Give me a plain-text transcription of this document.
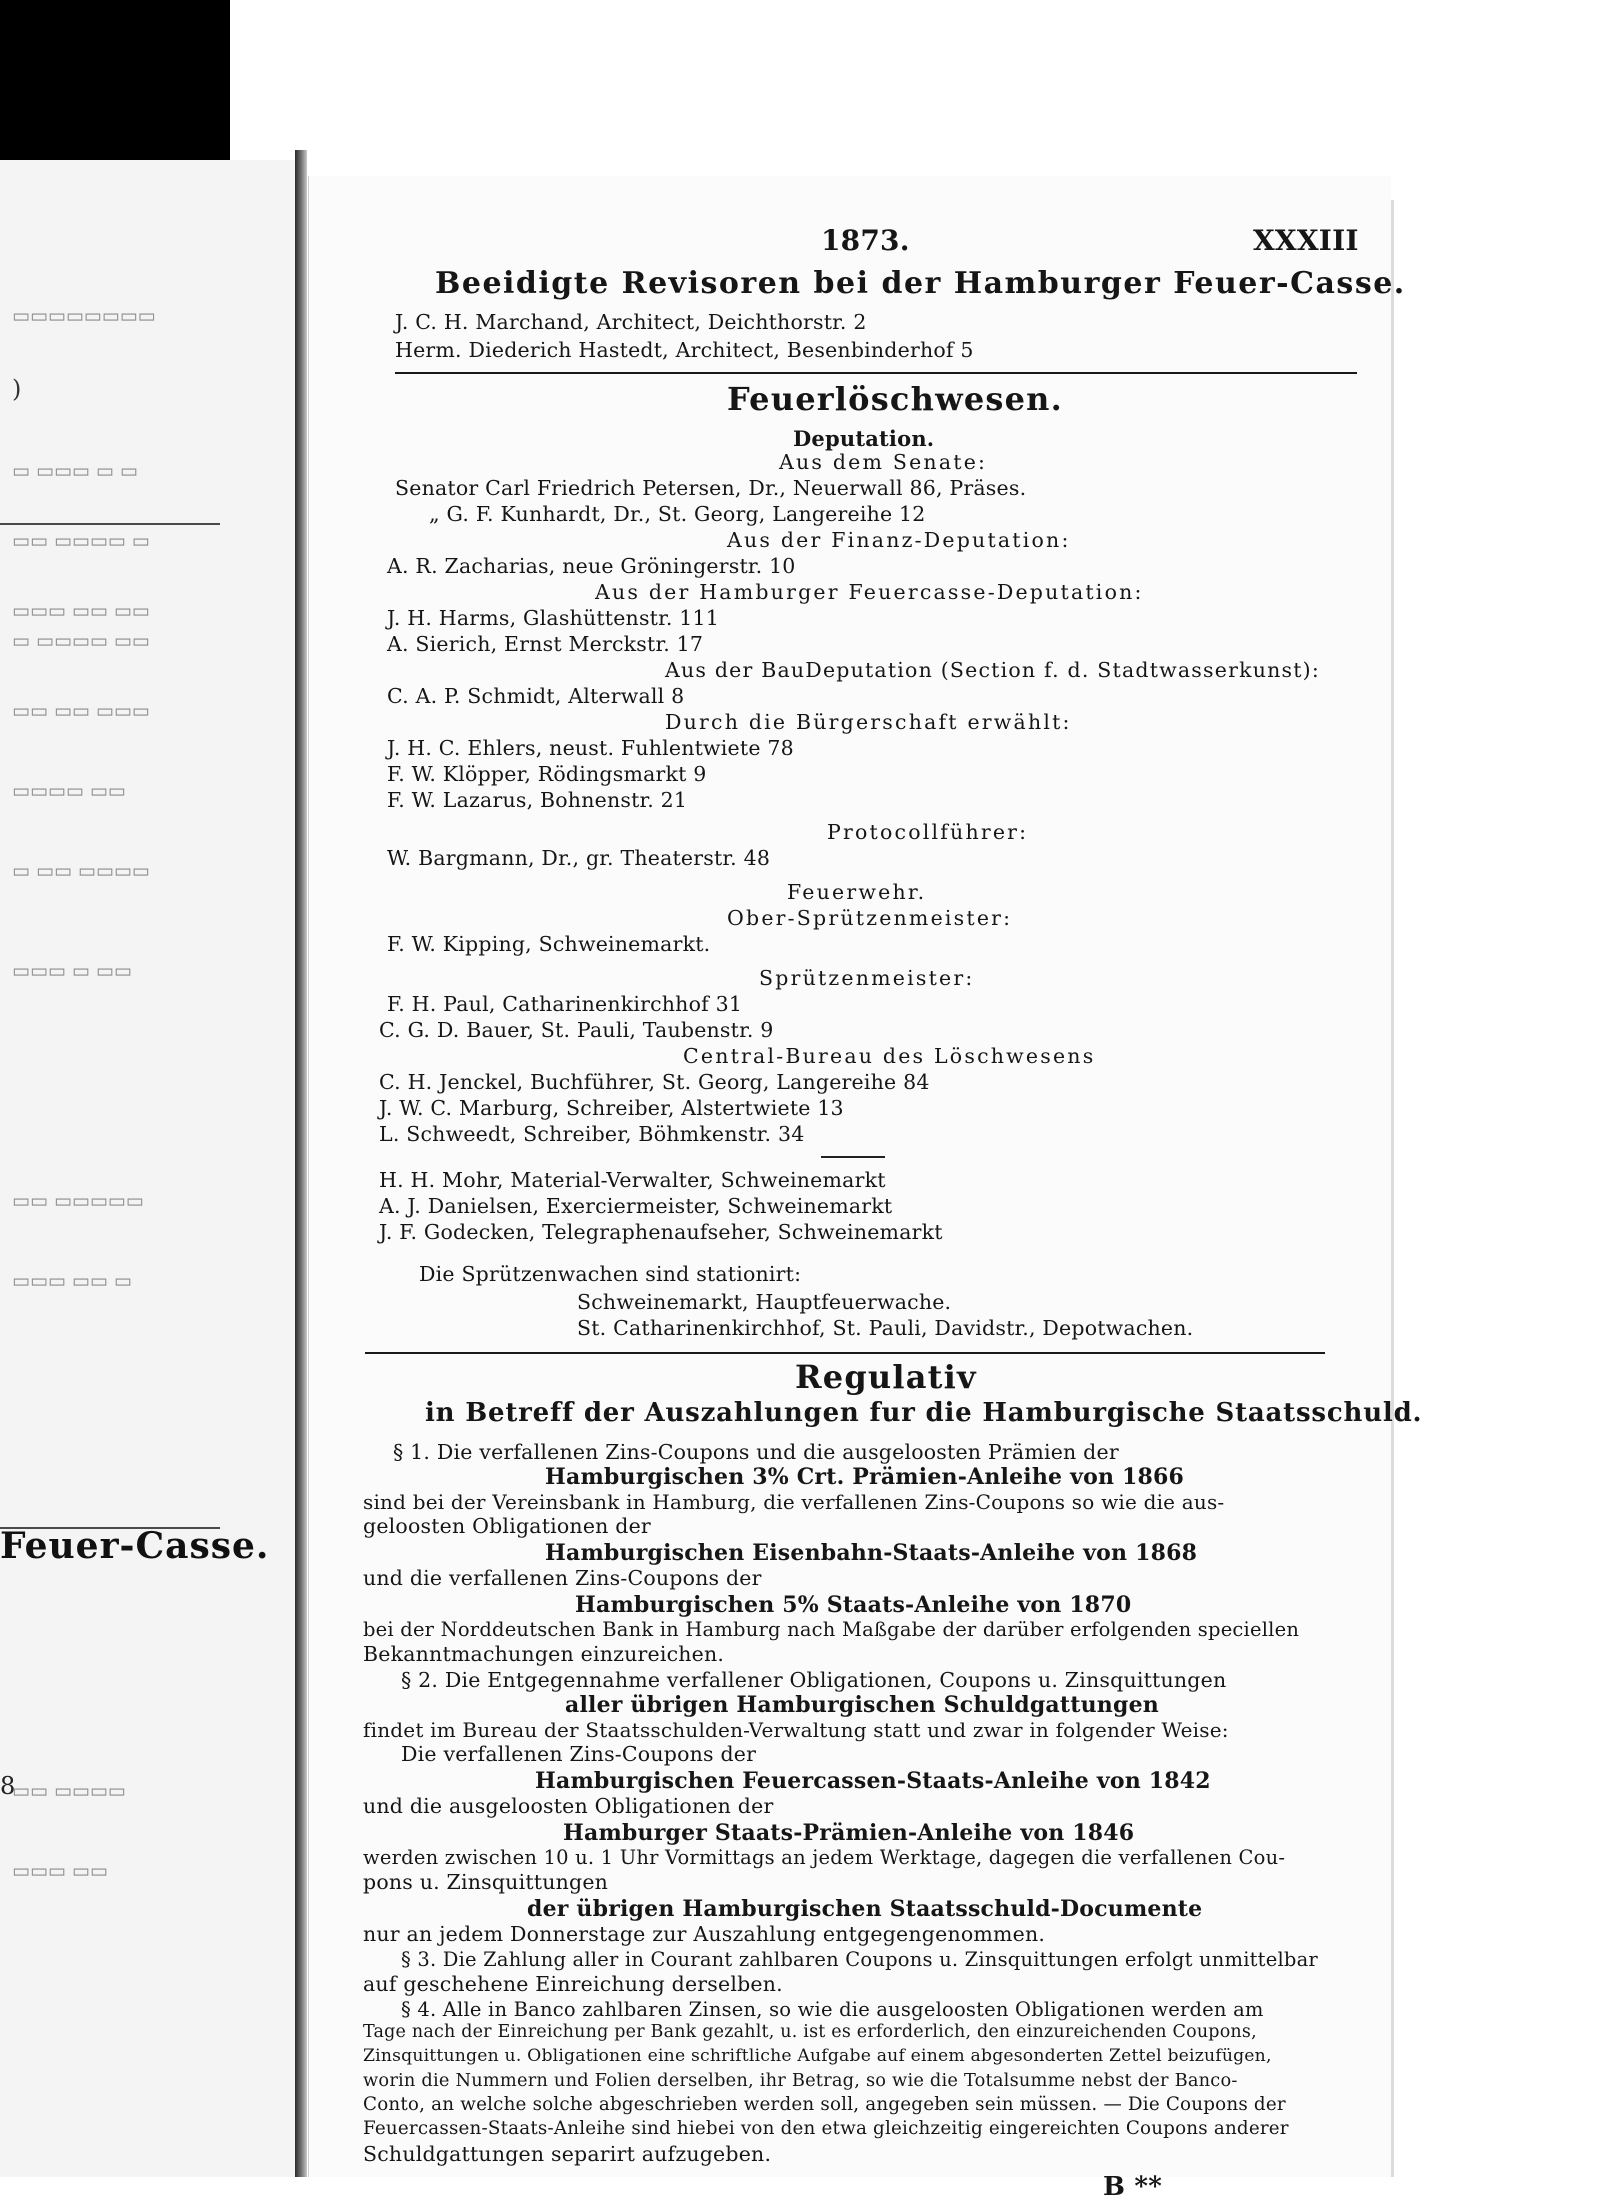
▭▭▭▭▭▭▭▭
)
▭ ▭▭▭ ▭ ▭
▭▭ ▭▭▭▭ ▭
▭▭▭ ▭▭ ▭▭
▭ ▭▭▭▭ ▭▭
▭▭ ▭▭ ▭▭▭
▭▭▭▭ ▭▭
▭ ▭▭ ▭▭▭▭
▭▭▭ ▭ ▭▭
▭▭ ▭▭▭▭▭
▭▭▭ ▭▭ ▭
▭▭ ▭▭▭▭
▭▭▭ ▭▭
8
Feuer-Casse.
1873.	XXXIII
Beeidigte Revisoren bei der Hamburger Feuer-Casse.
J. C. H. Marchand, Architect, Deichthorstr. 2
Herm. Diederich Hastedt, Architect, Besenbinderhof 5
Feuerlöschwesen.
Deputation.
Aus dem Senate:
Senator Carl Friedrich Petersen, Dr., Neuerwall 86, Präses.
„ G. F. Kunhardt, Dr., St. Georg, Langereihe 12
Aus der Finanz-Deputation:
A. R. Zacharias, neue Gröningerstr. 10
Aus der Hamburger Feuercasse-Deputation:
J. H. Harms, Glashüttenstr. 111
A. Sierich, Ernst Merckstr. 17
Aus der BauDeputation (Section f. d. Stadtwasserkunst):
C. A. P. Schmidt, Alterwall 8
Durch die Bürgerschaft erwählt:
J. H. C. Ehlers, neust. Fuhlentwiete 78
F. W. Klöpper, Rödingsmarkt 9
F. W. Lazarus, Bohnenstr. 21
Protocollführer:
W. Bargmann, Dr., gr. Theaterstr. 48
Feuerwehr.
Ober-Sprützenmeister:
F. W. Kipping, Schweinemarkt.
Sprützenmeister:
F. H. Paul, Catharinenkirchhof 31
C. G. D. Bauer, St. Pauli, Taubenstr. 9
Central-Bureau des Löschwesens
C. H. Jenckel, Buchführer, St. Georg, Langereihe 84
J. W. C. Marburg, Schreiber, Alstertwiete 13
L. Schweedt, Schreiber, Böhmkenstr. 34
H. H. Mohr, Material-Verwalter, Schweinemarkt
A. J. Danielsen, Exerciermeister, Schweinemarkt
J. F. Godecken, Telegraphenaufseher, Schweinemarkt
Die Sprützenwachen sind stationirt:
Schweinemarkt, Hauptfeuerwache.
St. Catharinenkirchhof, St. Pauli, Davidstr., Depotwachen.
Regulativ
in Betreff der Auszahlungen fur die Hamburgische Staatsschuld.
§ 1. Die verfallenen Zins-Coupons und die ausgeloosten Prämien der
Hamburgischen 3% Crt. Prämien-Anleihe von 1866
sind bei der Vereinsbank in Hamburg, die verfallenen Zins-Coupons so wie die aus-
geloosten Obligationen der
Hamburgischen Eisenbahn-Staats-Anleihe von 1868
und die verfallenen Zins-Coupons der
Hamburgischen 5% Staats-Anleihe von 1870
bei der Norddeutschen Bank in Hamburg nach Maßgabe der darüber erfolgenden speciellen
Bekanntmachungen einzureichen.
§ 2. Die Entgegennahme verfallener Obligationen, Coupons u. Zinsquittungen
aller übrigen Hamburgischen Schuldgattungen
findet im Bureau der Staatsschulden-Verwaltung statt und zwar in folgender Weise:
Die verfallenen Zins-Coupons der
Hamburgischen Feuercassen-Staats-Anleihe von 1842
und die ausgeloosten Obligationen der
Hamburger Staats-Prämien-Anleihe von 1846
werden zwischen 10 u. 1 Uhr Vormittags an jedem Werktage, dagegen die verfallenen Cou-
pons u. Zinsquittungen
der übrigen Hamburgischen Staatsschuld-Documente
nur an jedem Donnerstage zur Auszahlung entgegengenommen.
§ 3. Die Zahlung aller in Courant zahlbaren Coupons u. Zinsquittungen erfolgt unmittelbar
auf geschehene Einreichung derselben.
§ 4. Alle in Banco zahlbaren Zinsen, so wie die ausgeloosten Obligationen werden am
Tage nach der Einreichung per Bank gezahlt, u. ist es erforderlich, den einzureichenden Coupons,
Zinsquittungen u. Obligationen eine schriftliche Aufgabe auf einem abgesonderten Zettel beizufügen,
worin die Nummern und Folien derselben, ihr Betrag, so wie die Totalsumme nebst der Banco-
Conto, an welche solche abgeschrieben werden soll, angegeben sein müssen. — Die Coupons der
Feuercassen-Staats-Anleihe sind hiebei von den etwa gleichzeitig eingereichten Coupons anderer
Schuldgattungen separirt aufzugeben.
B **
